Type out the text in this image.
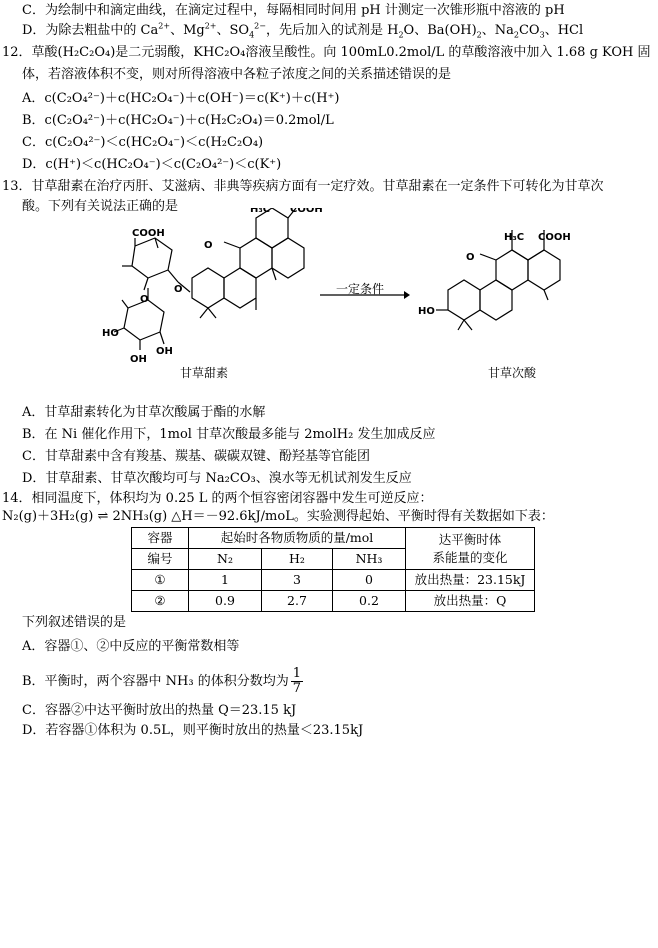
C．为绘制中和滴定曲线，在滴定过程中，每隔相同时间用 pH 计测定一次锥形瓶中溶液的 pH
D．为除去粗盐中的 $Ca^{2+}$、$Mg^{2+}$、$SO_4^{2-}$，先后加入的试剂是 $H_2O$、$Ba(OH)_2$、$Na_2CO_3$、HCl
12．草酸(H₂C₂O₄)是二元弱酸，KHC₂O₄溶液呈酸性。向 100mL0.2mol/L 的草酸溶液中加入 1.68 g KOH 固
体，若溶液体积不变，则对所得溶液中各粒子浓度之间的关系描述错误的是
A．c(C₂O₄²⁻)＋c(HC₂O₄⁻)＋c(OH⁻)＝c(K⁺)＋c(H⁺)
B．c(C₂O₄²⁻)＋c(HC₂O₄⁻)＋c(H₂C₂O₄)＝0.2mol/L
C．c(C₂O₄²⁻)＜c(HC₂O₄⁻)＜c(H₂C₂O₄)
D．c(H⁺)＜c(HC₂O₄⁻)＜c(C₂O₄²⁻)＜c(K⁺)
13．甘草甜素在治疗丙肝、艾滋病、非典等疾病方面有一定疗效。甘草甜素在一定条件下可转化为甘草次
酸。下列有关说法正确的是
COOH
H₃C COOH
O
O
O
HO
OH
OH
甘草甜素
一定条件
O
HO
H₃C COOH
甘草次酸
A．甘草甜素转化为甘草次酸属于酯的水解
B．在 Ni 催化作用下，1mol 甘草次酸最多能与 2molH₂ 发生加成反应
C．甘草甜素中含有羧基、羰基、碳碳双键、酚羟基等官能团
D．甘草甜素、甘草次酸均可与 Na₂CO₃、溴水等无机试剂发生反应
14．相同温度下，体积均为 0.25 L 的两个恒容密闭容器中发生可逆反应：
N₂(g)＋3H₂(g) ⇌ 2NH₃(g) △H＝－92.6kJ/moL。实验测得起始、平衡时得有关数据如下表：
容器	起始时各物质物质的量/mol			达平衡时体
系能量的变化

编号	N₂	H₂	NH₃	
①	1	3	0	放出热量：23.15kJ
②	0.9	2.7	0.2	放出热量：Q
下列叙述错误的是
A．容器①、②中反应的平衡常数相等
B．平衡时，两个容器中 NH₃ 的体积分数均为 $\frac{1}{7}$
C．容器②中达平衡时放出的热量 Q＝23.15 kJ
D．若容器①体积为 0.5L，则平衡时放出的热量＜23.15kJ
